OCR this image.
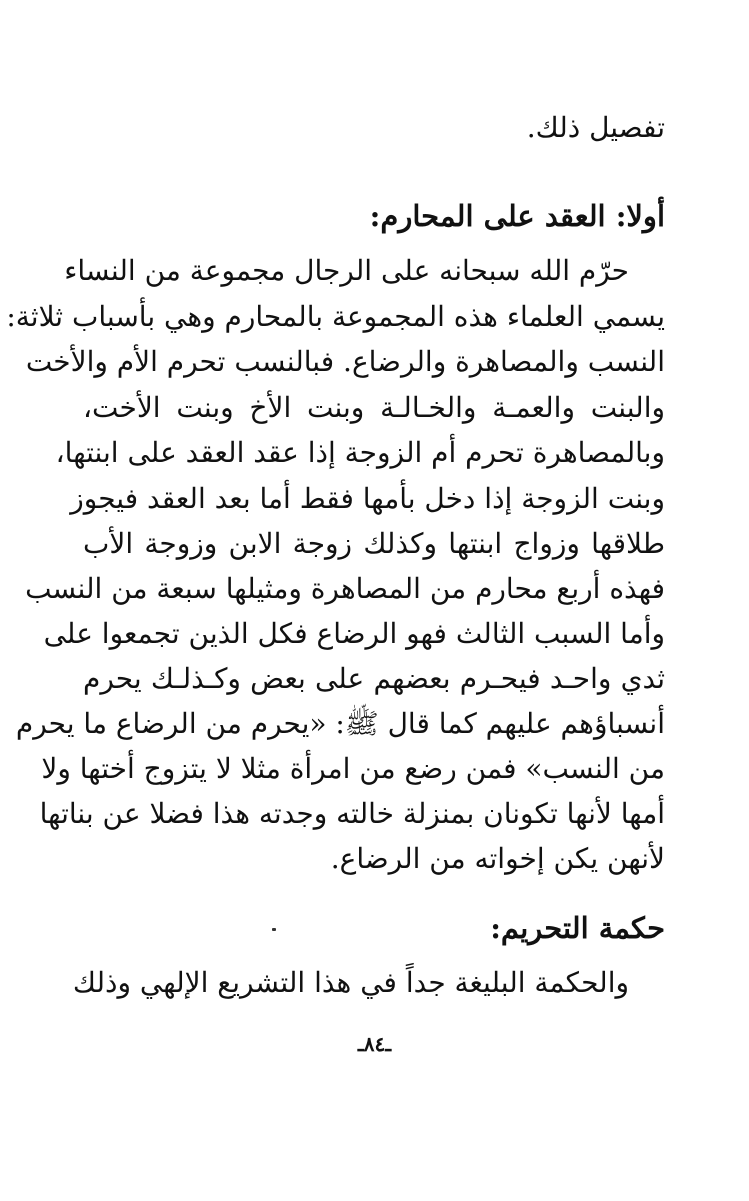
تفصيل ذلك.
أولا: العقد على المحارم:
حرّم الله سبحانه على الرجال مجموعة من النساء
يسمي العلماء هذه المجموعة بالمحارم وهي بأسباب ثلاثة:
النسب والمصاهرة والرضاع. فبالنسب تحرم الأم والأخت
والبنت والعمـة والخـالـة وبنت الأخ وبنت الأخت،
وبالمصاهرة تحرم أم الزوجة إذا عقد العقد على ابنتها،
وبنت الزوجة إذا دخل بأمها فقط أما بعد العقد فيجوز
طلاقها وزواج ابنتها وكذلك زوجة الابن وزوجة الأب
فهذه أربع محارم من المصاهرة ومثيلها سبعة من النسب
وأما السبب الثالث فهو الرضاع فكل الذين تجمعوا على
ثدي واحـد فيحـرم بعضهم على بعض وكـذلـك يحرم
أنسباؤهم عليهم كما قال ﷺ: «يحرم من الرضاع ما يحرم
من النسب» فمن رضع من امرأة مثلا لا يتزوج أختها ولا
أمها لأنها تكونان بمنزلة خالته وجدته هذا فضلا عن بناتها
لأنهن يكن إخواته من الرضاع.
حكمة التحريم:
والحكمة البليغة جداً في هذا التشريع الإلهي وذلك
ـ٨٤ـ
